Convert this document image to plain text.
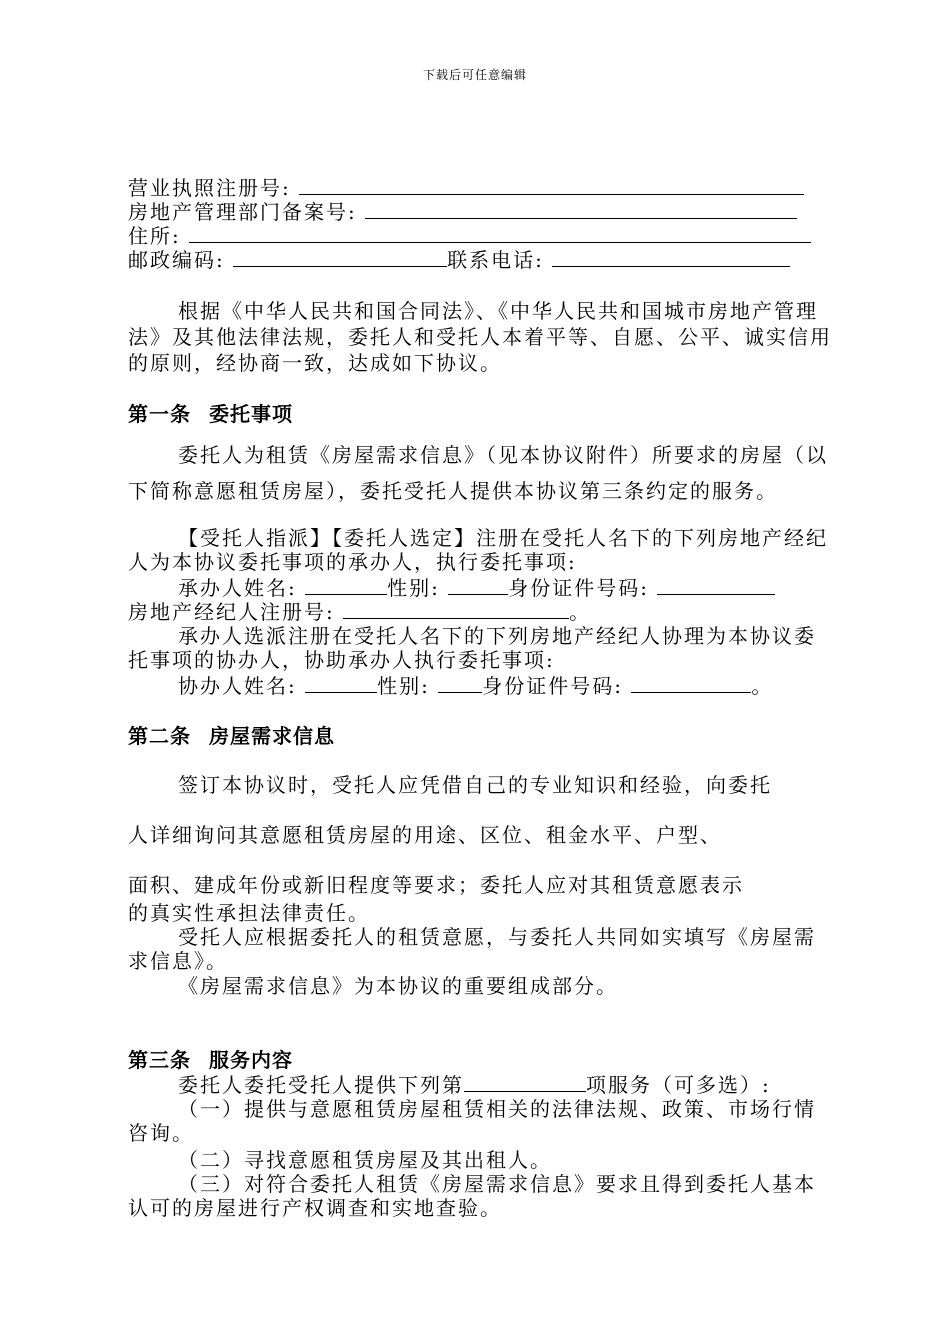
下载后可任意编辑
营业执照注册号:
房地产管理部门备案号:
住所:
邮政编码:	联系电话:
根据《中华人民共和国合同法》、《中华人民共和国城市房地产管理法》及其他法律法规，委托人和受托人本着平等、自愿、公平、诚实信用的原则，经协商一致，达成如下协议。
第一条 委托事项
委托人为租赁《房屋需求信息》（见本协议附件）所要求的房屋（以下简称意愿租赁房屋），委托受托人提供本协议第三条约定的服务。
【受托人指派】【委托人选定】注册在受托人名下的下列房地产经纪人为本协议委托事项的承办人，执行委托事项:
承办人姓名:	性别:	身份证件号码:
房地产经纪人注册号:	。
承办人选派注册在受托人名下的下列房地产经纪人协理为本协议委托事项的协办人，协助承办人执行委托事项:
协办人姓名:	性别:	身份证件号码:	。
第二条 房屋需求信息
签订本协议时，受托人应凭借自己的专业知识和经验，向委托
人详细询问其意愿租赁房屋的用途、区位、租金水平、户型、
面积、建成年份或新旧程度等要求；委托人应对其租赁意愿表示
的真实性承担法律责任。
受托人应根据委托人的租赁意愿，与委托人共同如实填写《房屋需求信息》。
《房屋需求信息》为本协议的重要组成部分。
第三条 服务内容
委托人委托受托人提供下列第	项服务（可多选）:
（一）提供与意愿租赁房屋租赁相关的法律法规、政策、市场行情咨询。
（二）寻找意愿租赁房屋及其出租人。
（三）对符合委托人租赁《房屋需求信息》要求且得到委托人基本认可的房屋进行产权调查和实地查验。
